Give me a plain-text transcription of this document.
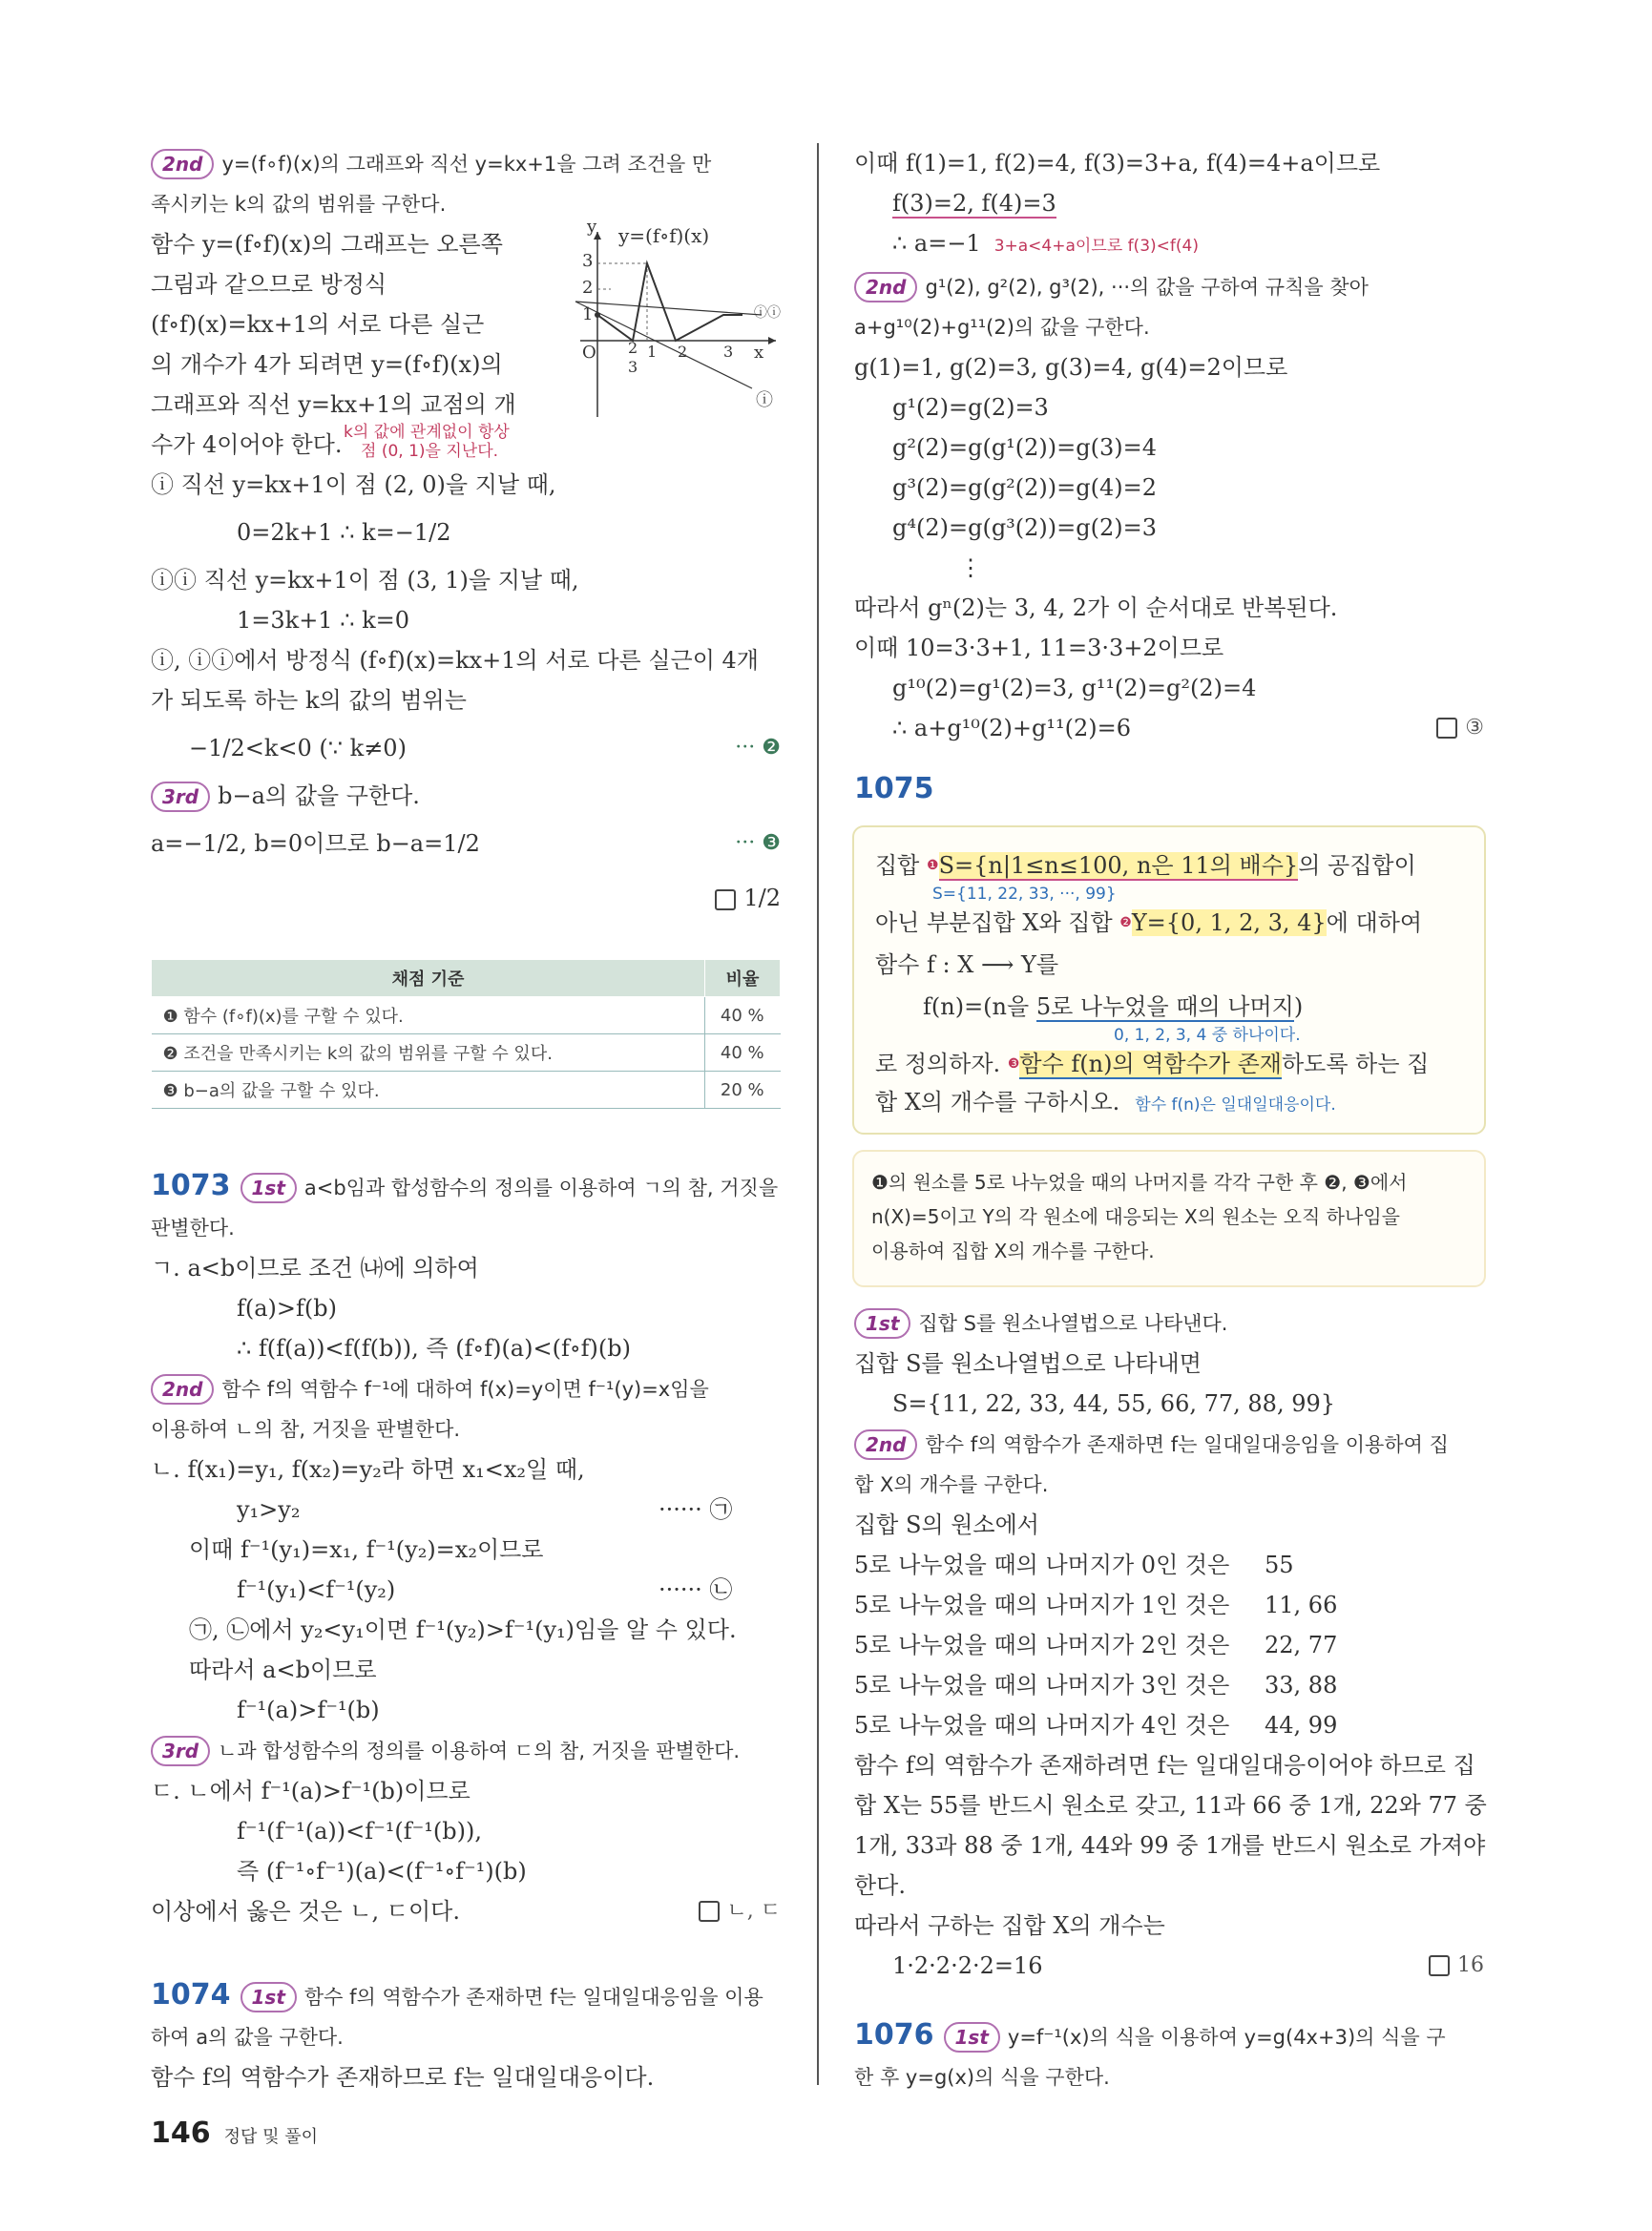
2nd y=(f∘f)(x)의 그래프와 직선 y=kx+1을 그려 조건을 만

족시키는 k의 값의 범위를 구한다.

함수 y=(f∘f)(x)의 그래프는 오른쪽

그림과 같으므로 방정식

(f∘f)(x)=kx+1의 서로 다른 실근

의 개수가 4가 되려면 y=(f∘f)(x)의

그래프와 직선 y=kx+1의 교점의 개

수가 4이어야 한다. k의 값에 관계없이 항상
점 (0, 1)을 지난다.
y=(f∘f)(x)
y
x
O
3
2
1
2
3
1 2 3
ⓘⓘ
ⓘ

ⓘ 직선 y=kx+1이 점 (2, 0)을 지날 때,

0=2k+1 ∴ k=−1/2

ⓘⓘ 직선 y=kx+1이 점 (3, 1)을 지날 때,

1=3k+1 ∴ k=0

ⓘ, ⓘⓘ에서 방정식 (f∘f)(x)=kx+1의 서로 다른 실근이 4개

가 되도록 하는 k의 값의 범위는

−1/2<k<0 (∵ k≠0)	··· ❷

3rd b−a의 값을 구한다.

a=−1/2, b=0이므로 b−a=1/2	··· ❸

1/2

채점 기준	비율
❶ 함수 (f∘f)(x)를 구할 수 있다.	40 %
❷ 조건을 만족시키는 k의 값의 범위를 구할 수 있다.	40 %
❸ b−a의 값을 구할 수 있다.	20 %

1073 1st a<b임과 합성함수의 정의를 이용하여 ㄱ의 참, 거짓을

판별한다.

ㄱ. a<b이므로 조건 ㈏에 의하여

f(a)>f(b)

∴ f(f(a))<f(f(b)), 즉 (f∘f)(a)<(f∘f)(b)

2nd 함수 f의 역함수 f⁻¹에 대하여 f(x)=y이면 f⁻¹(y)=x임을

이용하여 ㄴ의 참, 거짓을 판별한다.

ㄴ. f(x₁)=y₁, f(x₂)=y₂라 하면 x₁<x₂일 때,

y₁>y₂	······ ㉠

이때 f⁻¹(y₁)=x₁, f⁻¹(y₂)=x₂이므로

f⁻¹(y₁)<f⁻¹(y₂)	······ ㉡

㉠, ㉡에서 y₂<y₁이면 f⁻¹(y₂)>f⁻¹(y₁)임을 알 수 있다.

따라서 a<b이므로

f⁻¹(a)>f⁻¹(b)

3rd ㄴ과 합성함수의 정의를 이용하여 ㄷ의 참, 거짓을 판별한다.

ㄷ. ㄴ에서 f⁻¹(a)>f⁻¹(b)이므로

f⁻¹(f⁻¹(a))<f⁻¹(f⁻¹(b)),

즉 (f⁻¹∘f⁻¹)(a)<(f⁻¹∘f⁻¹)(b)

이상에서 옳은 것은 ㄴ, ㄷ이다.	ㄴ, ㄷ

1074 1st 함수 f의 역함수가 존재하면 f는 일대일대응임을 이용

하여 a의 값을 구한다.

함수 f의 역함수가 존재하므로 f는 일대일대응이다.

이때 f(1)=1, f(2)=4, f(3)=3+a, f(4)=4+a이므로

f(3)=2, f(4)=3

∴ a=−1 3+a<4+a이므로 f(3)<f(4)

2nd g¹(2), g²(2), g³(2), ···의 값을 구하여 규칙을 찾아

a+g¹⁰(2)+g¹¹(2)의 값을 구한다.

g(1)=1, g(2)=3, g(3)=4, g(4)=2이므로

g¹(2)=g(2)=3

g²(2)=g(g¹(2))=g(3)=4

g³(2)=g(g²(2))=g(4)=2

g⁴(2)=g(g³(2))=g(2)=3

⋮

따라서 gⁿ(2)는 3, 4, 2가 이 순서대로 반복된다.

이때 10=3·3+1, 11=3·3+2이므로

g¹⁰(2)=g¹(2)=3, g¹¹(2)=g²(2)=4

∴ a+g¹⁰(2)+g¹¹(2)=6	③

1075

집합 $^❶$S={n|1≤n≤100, n은 11의 배수}의 공집합이

S={11, 22, 33, ···, 99}

아닌 부분집합 X와 집합 $^❷$Y={0, 1, 2, 3, 4}에 대하여

함수 f : X ⟶ Y를

f(n)=(n을 5로 나누었을 때의 나머지)

0, 1, 2, 3, 4 중 하나이다.

로 정의하자. $^❸$함수 f(n)의 역함수가 존재하도록 하는 집

합 X의 개수를 구하시오. 함수 f(n)은 일대일대응이다.

❶의 원소를 5로 나누었을 때의 나머지를 각각 구한 후 ❷, ❸에서

n(X)=5이고 Y의 각 원소에 대응되는 X의 원소는 오직 하나임을

이용하여 집합 X의 개수를 구한다.

1st 집합 S를 원소나열법으로 나타낸다.

집합 S를 원소나열법으로 나타내면

S={11, 22, 33, 44, 55, 66, 77, 88, 99}

2nd 함수 f의 역함수가 존재하면 f는 일대일대응임을 이용하여 집

합 X의 개수를 구한다.

집합 S의 원소에서

5로 나누었을 때의 나머지가 0인 것은 55

5로 나누었을 때의 나머지가 1인 것은 11, 66

5로 나누었을 때의 나머지가 2인 것은 22, 77

5로 나누었을 때의 나머지가 3인 것은 33, 88

5로 나누었을 때의 나머지가 4인 것은 44, 99

함수 f의 역함수가 존재하려면 f는 일대일대응이어야 하므로 집

합 X는 55를 반드시 원소로 갖고, 11과 66 중 1개, 22와 77 중

1개, 33과 88 중 1개, 44와 99 중 1개를 반드시 원소로 가져야

한다.

따라서 구하는 집합 X의 개수는

1·2·2·2·2=16	16

1076 1st y=f⁻¹(x)의 식을 이용하여 y=g(4x+3)의 식을 구

한 후 y=g(x)의 식을 구한다.

146 정답 및 풀이
